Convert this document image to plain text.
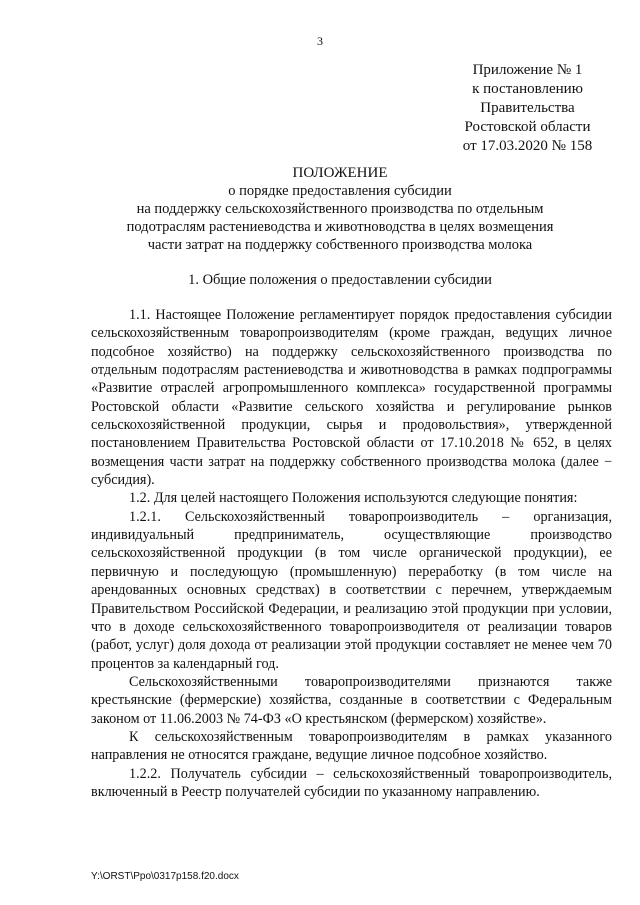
3
Приложение № 1
к постановлению
Правительства
Ростовской области
от 17.03.2020 № 158
ПОЛОЖЕНИЕ
о порядке предоставления субсидии
на поддержку сельскохозяйственного производства по отдельным
подотраслям растениеводства и животноводства в целях возмещения
части затрат на поддержку собственного производства молока
1. Общие положения о предоставлении субсидии

1.1. Настоящее Положение регламентирует порядок предоставления субсидии сельскохозяйственным товаропроизводителям (кроме граждан, ведущих личное подсобное хозяйство) на поддержку сельскохозяйственного производства по отдельным подотраслям растениеводства и животноводства в рамках подпрограммы «Развитие отраслей агропромышленного комплекса» государственной программы Ростовской области «Развитие сельского хозяйства и регулирование рынков сельскохозяйственной продукции, сырья и продовольствия», утвержденной постановлением Правительства Ростовской области от 17.10.2018 № 652, в целях возмещения части затрат на поддержку собственного производства молока (далее − субсидия).

1.2. Для целей настоящего Положения используются следующие понятия:

1.2.1. Сельскохозяйственный товаропроизводитель – организация, индивидуальный предприниматель, осуществляющие производство сельскохозяйственной продукции (в том числе органической продукции), ее первичную и последующую (промышленную) переработку (в том числе на арендованных основных средствах) в соответствии с перечнем, утверждаемым Правительством Российской Федерации, и реализацию этой продукции при условии, что в доходе сельскохозяйственного товаропроизводителя от реализации товаров (работ, услуг) доля дохода от реализации этой продукции составляет не менее чем 70 процентов за календарный год.

Сельскохозяйственными товаропроизводителями признаются также крестьянские (фермерские) хозяйства, созданные в соответствии с Федеральным законом от 11.06.2003 № 74-ФЗ «О крестьянском (фермерском) хозяйстве».

К сельскохозяйственным товаропроизводителям в рамках указанного направления не относятся граждане, ведущие личное подсобное хозяйство.

1.2.2. Получатель субсидии – сельскохозяйственный товаропроизводитель, включенный в Реестр получателей субсидии по указанному направлению.

Y:\ORST\Ppo\0317p158.f20.docx
